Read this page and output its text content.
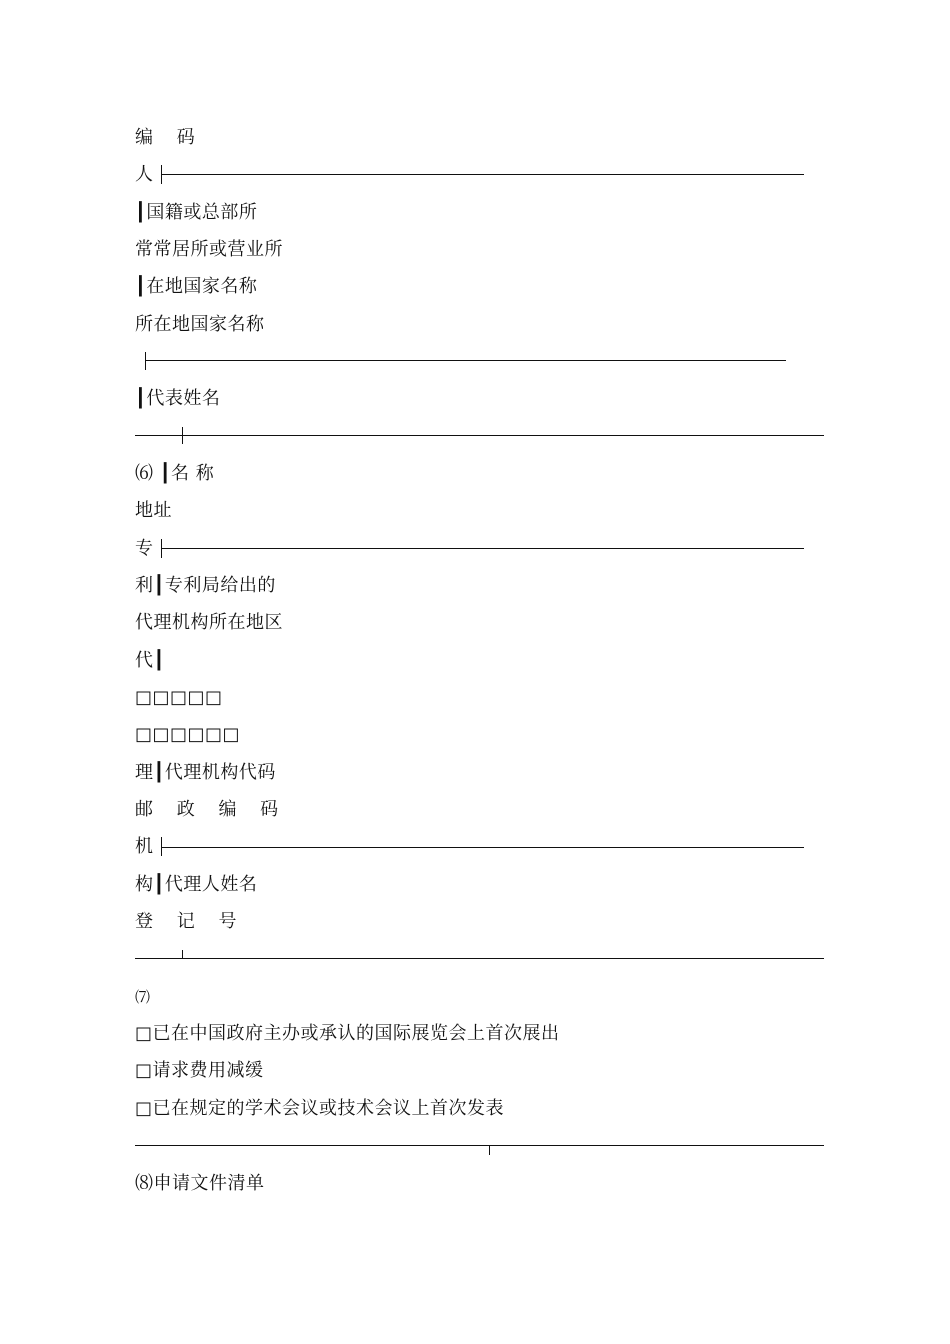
编 码
人
┃国籍或总部所
常常居所或营业所
┃在地国家名称
所在地国家名称
┃代表姓名
⑹ ┃名 称
地址
专
利┃专利局给出的
代理机构所在地区
代┃
□□□□□
□□□□□□
理┃代理机构代码
邮 政 编 码
机
构┃代理人姓名
登 记 号
⑺
□已在中国政府主办或承认的国际展览会上首次展出
□请求费用减缓
□已在规定的学术会议或技术会议上首次发表
⑻申请文件清单
